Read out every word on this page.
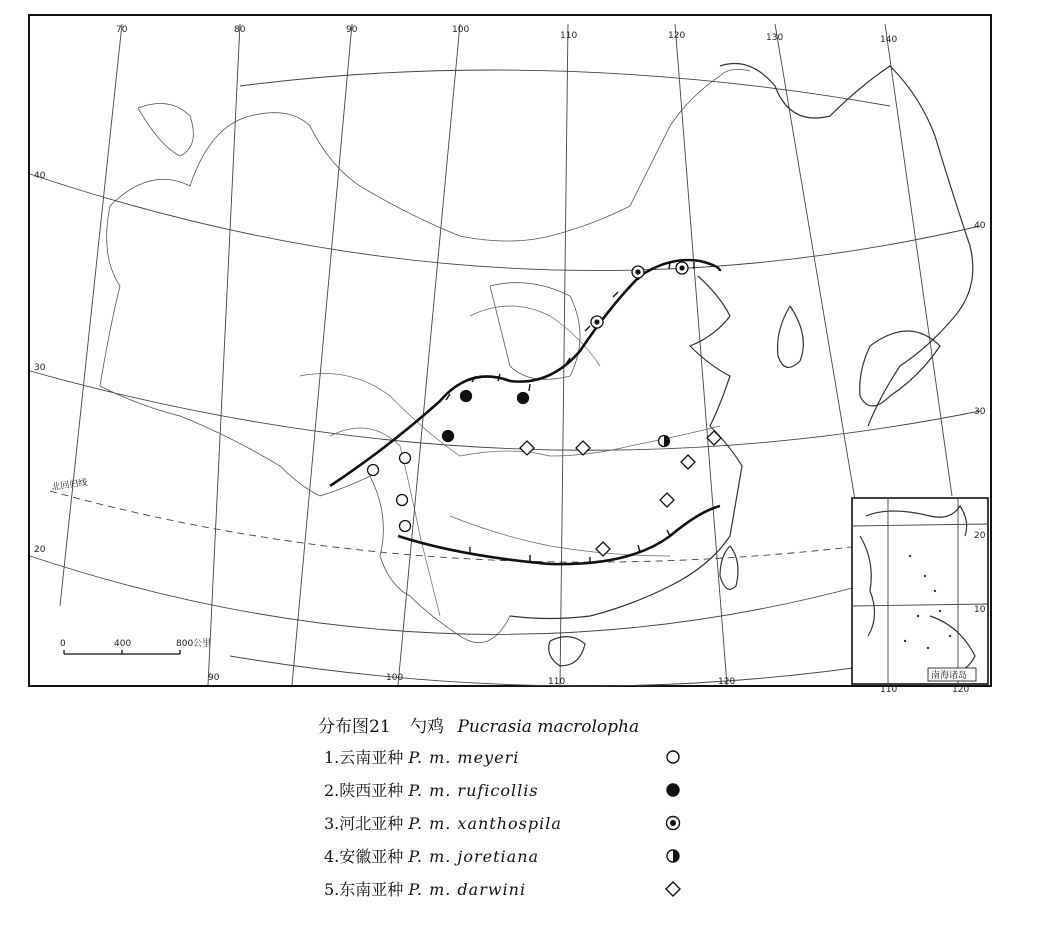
70	80	90	100
110	120	130	140
90	100	110	120
40
30
20
40
30
北回归线
0	400	800公里
南海诸岛
110	120
20
10
分布图21 勺鸡 Pucrasia macrolopha
1.云南亚种 P. m. meyeri
2.陕西亚种 P. m. ruficollis
3.河北亚种 P. m. xanthospila
4.安徽亚种 P. m. joretiana
5.东南亚种 P. m. darwini
